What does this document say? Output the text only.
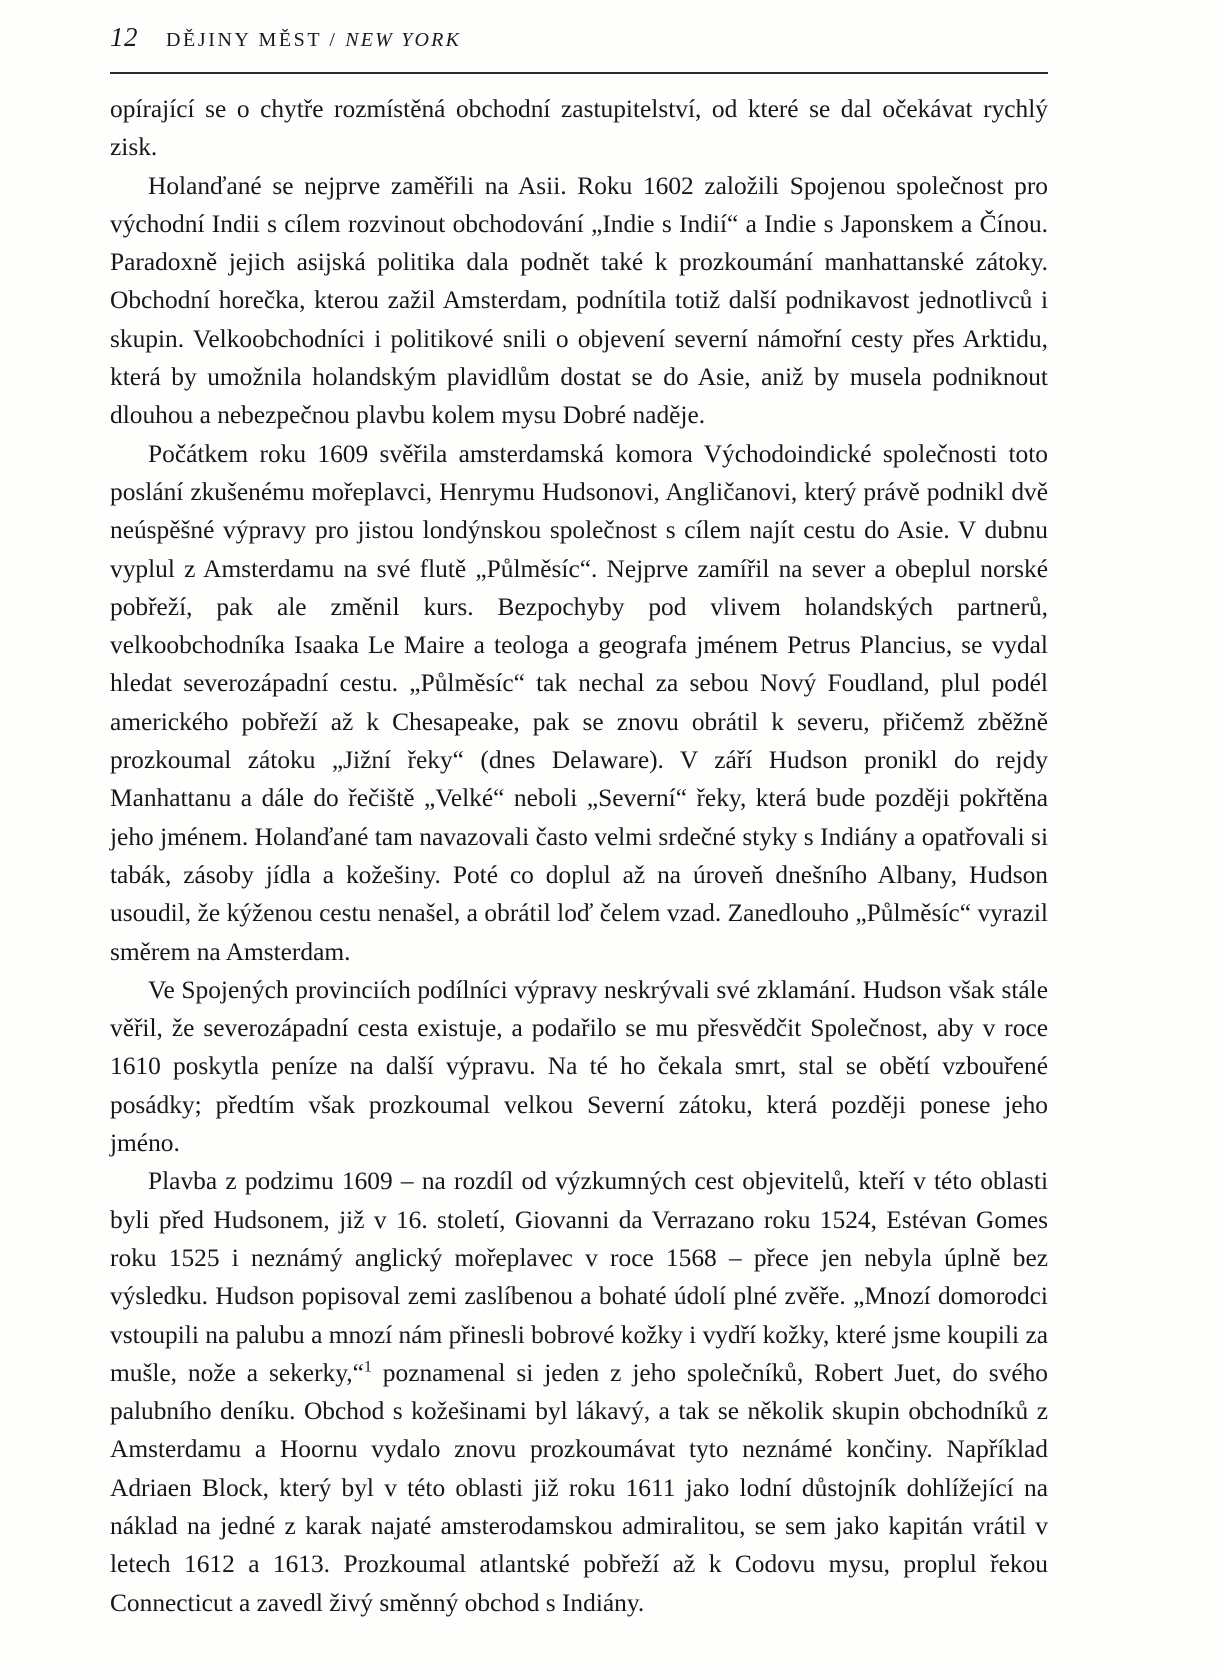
12 DĚJINY MĚST / NEW YORK

opírající se o chytře rozmístěná obchodní zastupitelství, od které se dal očekávat rychlý zisk.

Holanďané se nejprve zaměřili na Asii. Roku 1602 založili Spojenou společnost pro východní Indii s cílem rozvinout obchodování „Indie s Indií“ a Indie s Japonskem a Čínou. Paradoxně jejich asijská politika dala podnět také k prozkoumání manhattanské zátoky. Obchodní horečka, kterou zažil Amsterdam, podnítila totiž další podnikavost jednotlivců i skupin. Velkoobchodníci i politikové snili o objevení severní námořní cesty přes Arktidu, která by umožnila holandským plavidlům dostat se do Asie, aniž by musela podniknout dlouhou a nebezpečnou plavbu kolem mysu Dobré naděje.

Počátkem roku 1609 svěřila amsterdamská komora Východoindické společnosti toto poslání zkušenému mořeplavci, Henrymu Hudsonovi, Angličanovi, který právě podnikl dvě neúspěšné výpravy pro jistou londýnskou společnost s cílem najít cestu do Asie. V dubnu vyplul z Amsterdamu na své flutě „Půlměsíc“. Nejprve zamířil na sever a obeplul norské pobřeží, pak ale změnil kurs. Bezpochyby pod vlivem holandských partnerů, velkoobchodníka Isaaka Le Maire a teologa a geografa jménem Petrus Plancius, se vydal hledat severozápadní cestu. „Půlměsíc“ tak nechal za sebou Nový Foudland, plul podél amerického pobřeží až k Chesapeake, pak se znovu obrátil k severu, přičemž zběžně prozkoumal zátoku „Jižní řeky“ (dnes Delaware). V září Hudson pronikl do rejdy Manhattanu a dále do řečiště „Velké“ neboli „Severní“ řeky, která bude později pokřtěna jeho jménem. Holanďané tam navazovali často velmi srdečné styky s Indiány a opatřovali si tabák, zásoby jídla a kožešiny. Poté co doplul až na úroveň dnešního Albany, Hudson usoudil, že kýženou cestu nenašel, a obrátil loď čelem vzad. Zanedlouho „Půlměsíc“ vyrazil směrem na Amsterdam.

Ve Spojených provinciích podílníci výpravy neskrývali své zklamání. Hudson však stále věřil, že severozápadní cesta existuje, a podařilo se mu přesvědčit Společnost, aby v roce 1610 poskytla peníze na další výpravu. Na té ho čekala smrt, stal se obětí vzbouřené posádky; předtím však prozkoumal velkou Severní zátoku, která později ponese jeho jméno.

Plavba z podzimu 1609 – na rozdíl od výzkumných cest objevitelů, kteří v této oblasti byli před Hudsonem, již v 16. století, Giovanni da Verrazano roku 1524, Estévan Gomes roku 1525 i neznámý anglický mořeplavec v roce 1568 – přece jen nebyla úplně bez výsledku. Hudson popisoval zemi zaslíbenou a bohaté údolí plné zvěře. „Mnozí domorodci vstoupili na palubu a mnozí nám přinesli bobrové kožky i vydří kožky, které jsme koupili za mušle, nože a sekerky,“$^1$ poznamenal si jeden z jeho společníků, Robert Juet, do svého palubního deníku. Obchod s kožešinami byl lákavý, a tak se několik skupin obchodníků z Amsterdamu a Hoornu vydalo znovu prozkoumávat tyto neznámé končiny. Například Adriaen Block, který byl v této oblasti již roku 1611 jako lodní důstojník dohlížející na náklad na jedné z karak najaté amsterodamskou admiralitou, se sem jako kapitán vrátil v letech 1612 a 1613. Prozkoumal atlantské pobřeží až k Codovu mysu, proplul řekou Connecticut a zavedl živý směnný obchod s Indiány.
